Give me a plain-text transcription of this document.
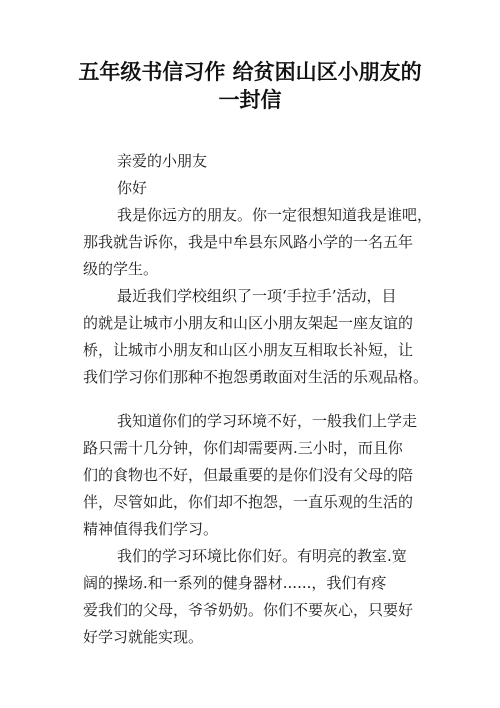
五年级书信习作 给贫困山区小朋友的
一封信
亲爱的小朋友
你好
我是你远方的朋友。你一定很想知道我是谁吧，
那我就告诉你，我是中牟县东风路小学的一名五年
级的学生。
最近我们学校组织了一项‘手拉手’活动，目
的就是让城市小朋友和山区小朋友架起一座友谊的
桥，让城市小朋友和山区小朋友互相取长补短，让
我们学习你们那种不抱怨勇敢面对生活的乐观品格。
我知道你们的学习环境不好，一般我们上学走
路只需十几分钟，你们却需要两.三小时，而且你
们的食物也不好，但最重要的是你们没有父母的陪
伴，尽管如此，你们却不抱怨，一直乐观的生活的
精神值得我们学习。
我们的学习环境比你们好。有明亮的教室.宽
阔的操场.和一系列的健身器材......，我们有疼
爱我们的父母，爷爷奶奶。你们不要灰心，只要好
好学习就能实现。
